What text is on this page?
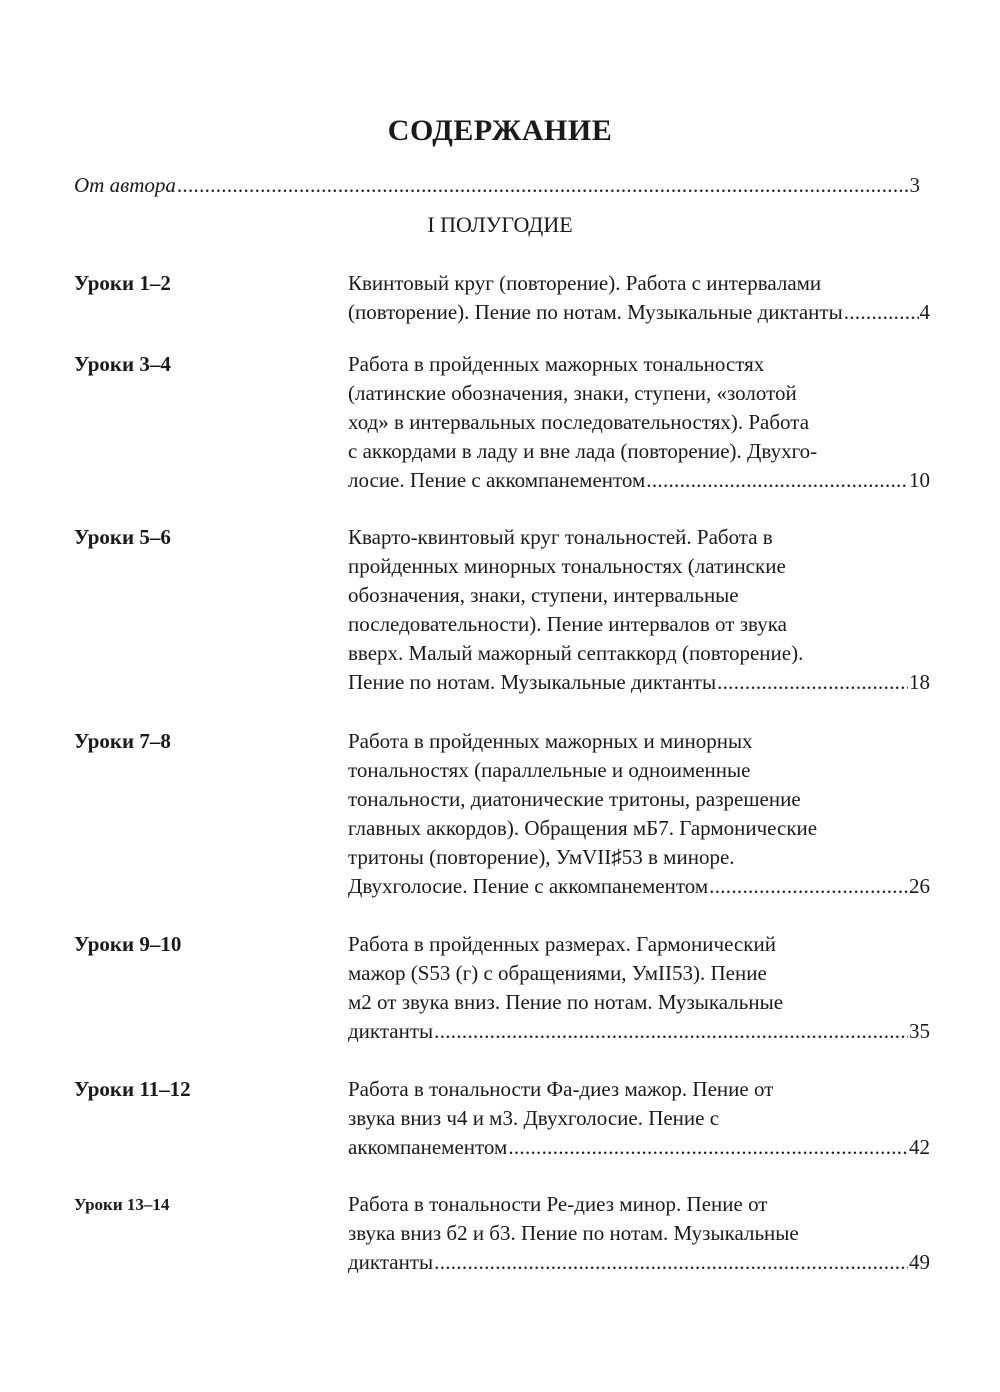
СОДЕРЖАНИЕ
От автора .....	3
I ПОЛУГОДИЕ
Уроки 1–2	Квинтовый круг (повторение). Работа с интервалами
(повторение). Пение по нотам. Музыкальные диктанты .....	4
Уроки 3–4	Работа в пройденных мажорных тональностях
(латинские обозначения, знаки, ступени, «золотой
ход» в интервальных последовательностях). Работа
с аккордами в ладу и вне лада (повторение). Двухго-
лосие. Пение с аккомпанементом .....	10
Уроки 5–6	Кварто-квинтовый круг тональностей. Работа в
пройденных минорных тональностях (латинские
обозначения, знаки, ступени, интервальные
последовательности). Пение интервалов от звука
вверх. Малый мажорный септаккорд (повторение).
Пение по нотам. Музыкальные диктанты .....	18
Уроки 7–8	Работа в пройденных мажорных и минорных
тональностях (параллельные и одноименные
тональности, диатонические тритоны, разрешение
главных аккордов). Обращения мБ7. Гармонические
тритоны (повторение), УмVII♯53 в миноре.
Двухголосие. Пение с аккомпанементом .....	26
Уроки 9–10	Работа в пройденных размерах. Гармонический
мажор (S53 (г) с обращениями, УмII53). Пение
м2 от звука вниз. Пение по нотам. Музыкальные
диктанты .....	35
Уроки 11–12	Работа в тональности Фа-диез мажор. Пение от
звука вниз ч4 и м3. Двухголосие. Пение с
аккомпанементом .....	42
Уроки 13–14	Работа в тональности Ре-диез минор. Пение от
звука вниз б2 и б3. Пение по нотам. Музыкальные
диктанты .....	49
